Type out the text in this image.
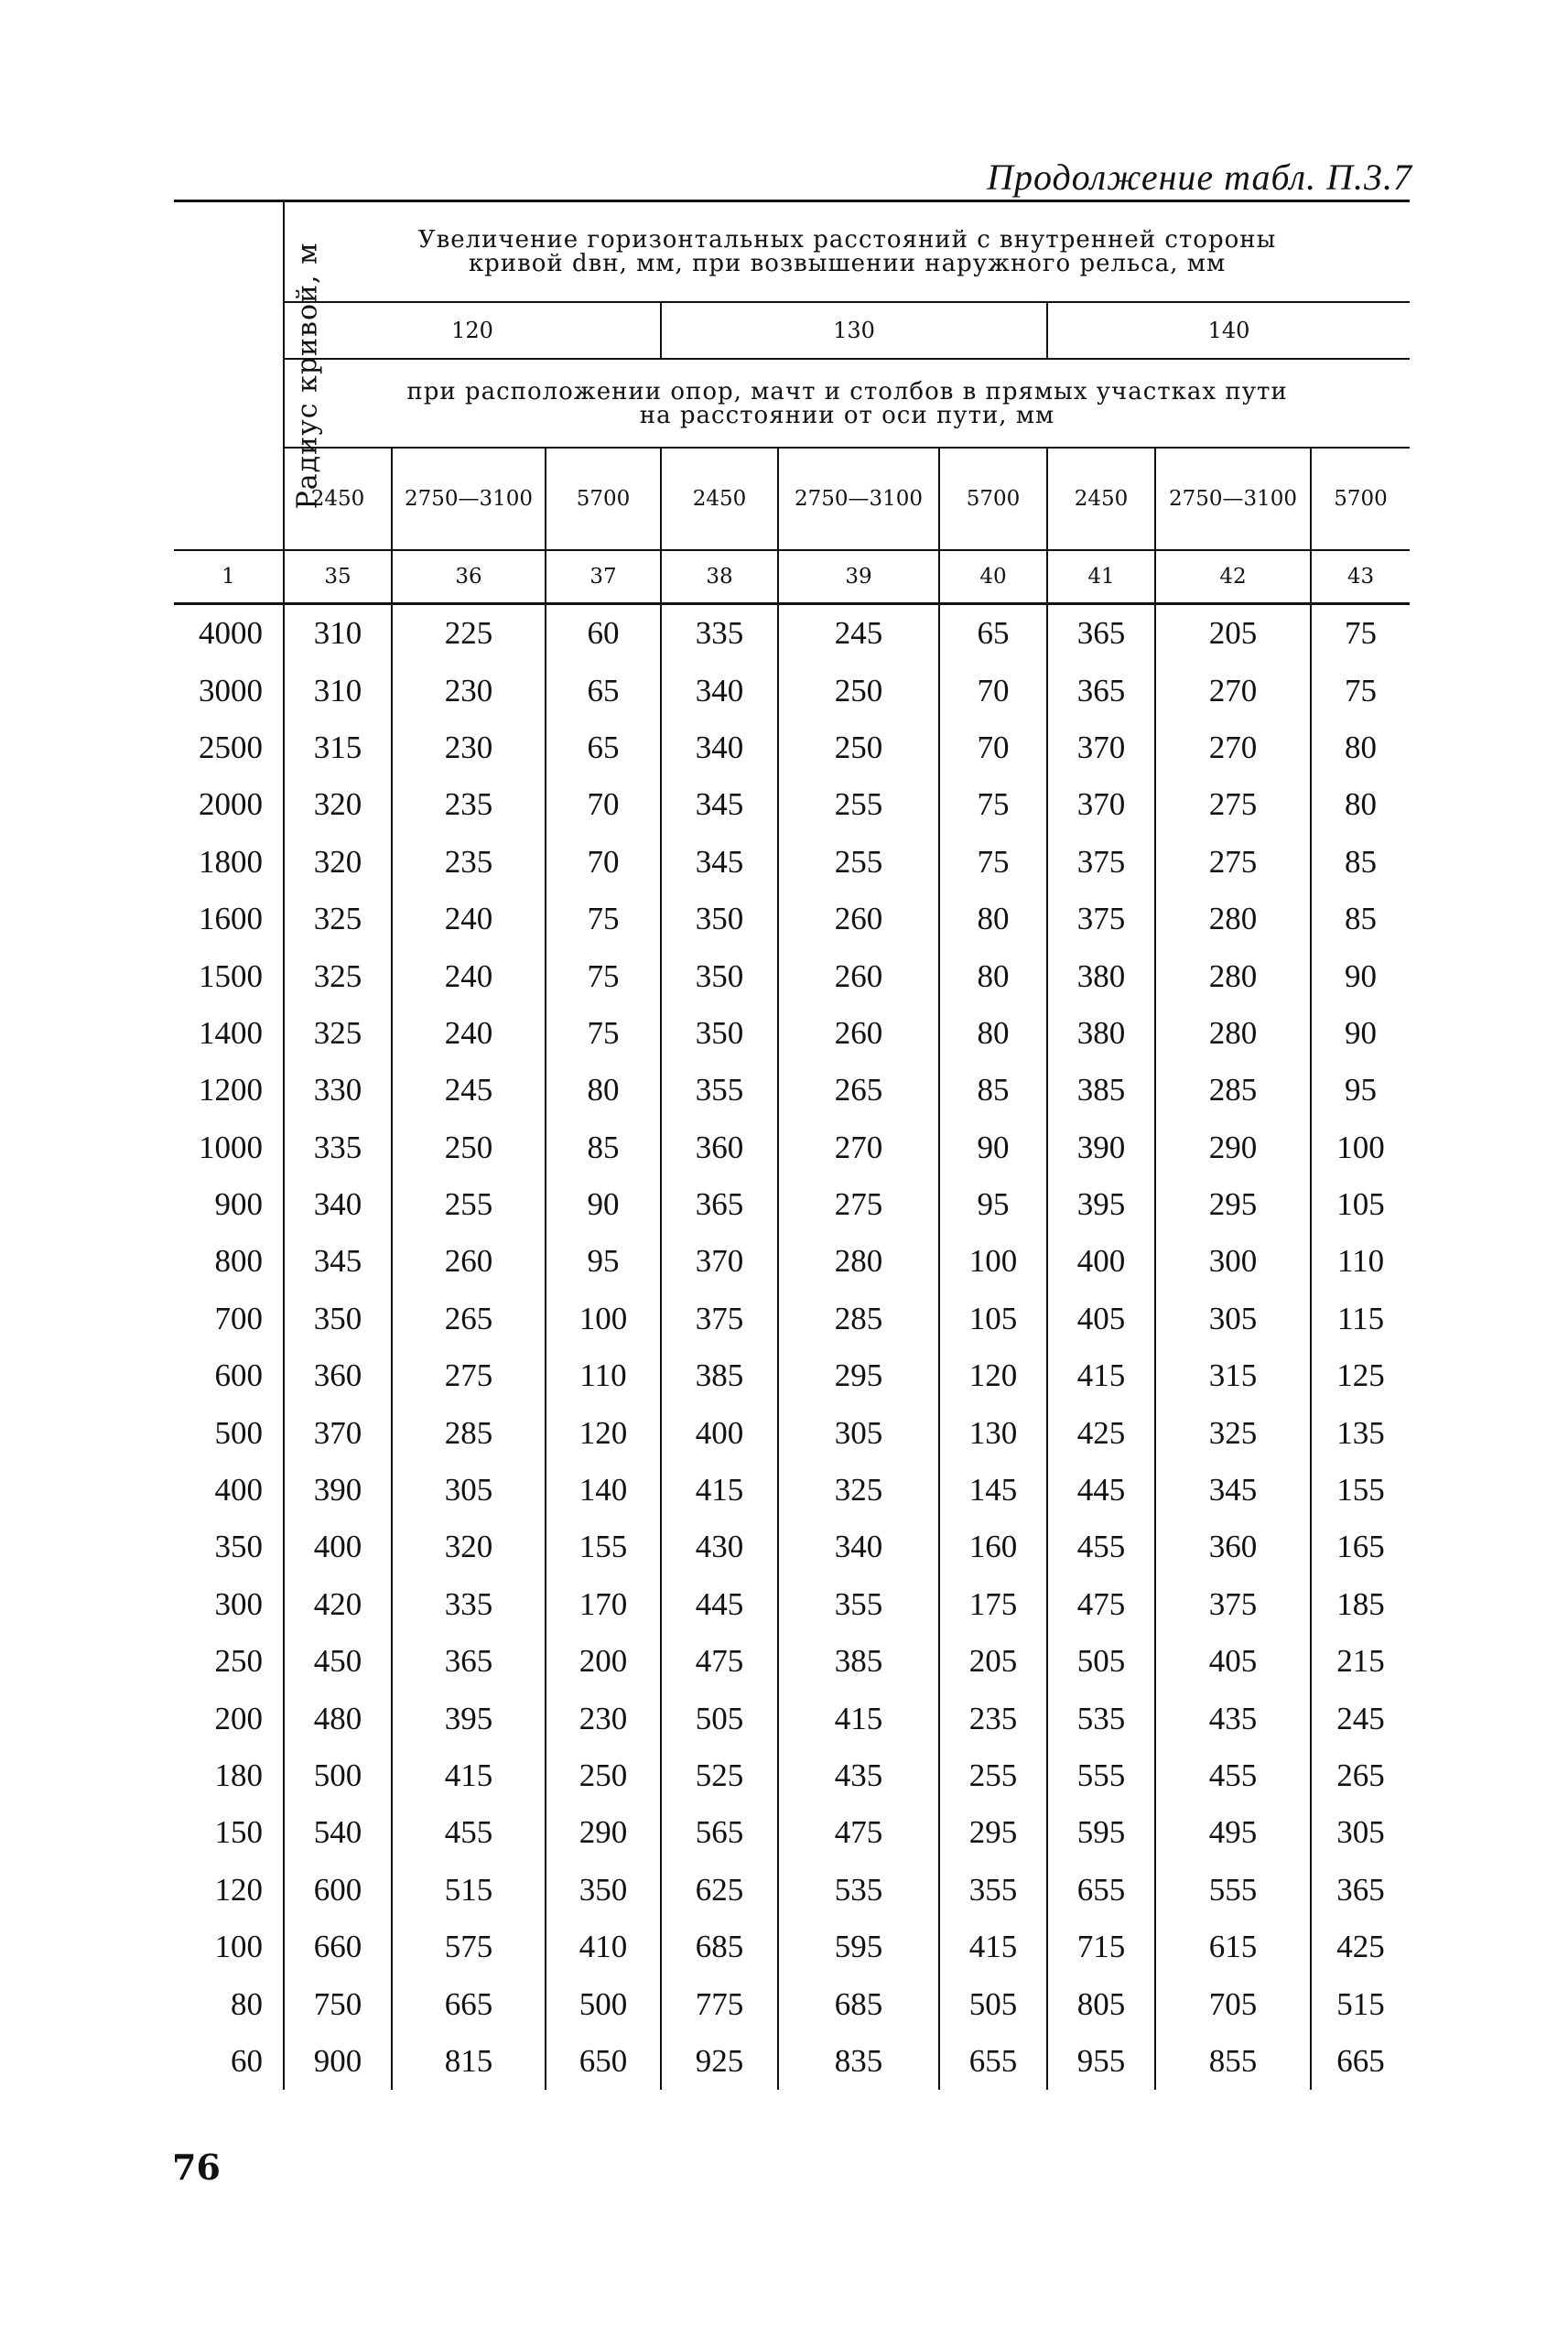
Продолжение табл. П.3.7
Радиус кривой, м	Увеличение горизонтальных расстояний с внутренней стороны
кривой dвн, мм, при возвышении наружного рельса, мм								

	120			130			140		

	при расположении опор, мачт и столбов в прямых участках пути
на расстоянии от оси пути, мм								

	2450	2750—3100	5700	2450	2750—3100	5700	2450	2750—3100	5700
1	35	36	37	38	39	40	41	42	43
4000	310	225	60	335	245	65	365	205	75
3000	310	230	65	340	250	70	365	270	75
2500	315	230	65	340	250	70	370	270	80
2000	320	235	70	345	255	75	370	275	80
1800	320	235	70	345	255	75	375	275	85
1600	325	240	75	350	260	80	375	280	85
1500	325	240	75	350	260	80	380	280	90
1400	325	240	75	350	260	80	380	280	90
1200	330	245	80	355	265	85	385	285	95
1000	335	250	85	360	270	90	390	290	100
900	340	255	90	365	275	95	395	295	105
800	345	260	95	370	280	100	400	300	110
700	350	265	100	375	285	105	405	305	115
600	360	275	110	385	295	120	415	315	125
500	370	285	120	400	305	130	425	325	135
400	390	305	140	415	325	145	445	345	155
350	400	320	155	430	340	160	455	360	165
300	420	335	170	445	355	175	475	375	185
250	450	365	200	475	385	205	505	405	215
200	480	395	230	505	415	235	535	435	245
180	500	415	250	525	435	255	555	455	265
150	540	455	290	565	475	295	595	495	305
120	600	515	350	625	535	355	655	555	365
100	660	575	410	685	595	415	715	615	425
80	750	665	500	775	685	505	805	705	515
60	900	815	650	925	835	655	955	855	665
76
